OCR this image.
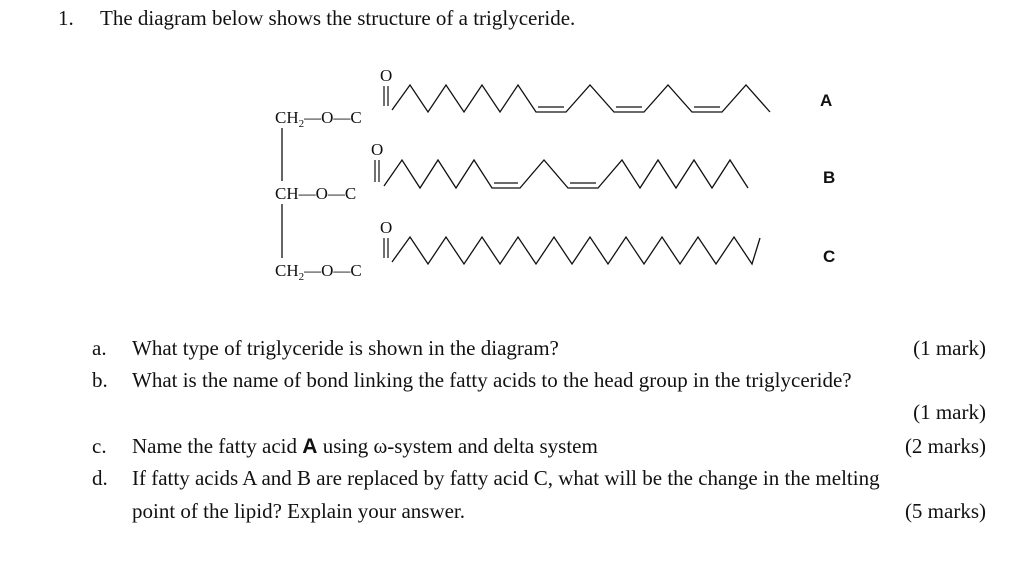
1. The diagram below shows the structure of a triglyceride.
$CH_2—O—C$
O
A
CH—O—C
O
B
$CH_2—O—C$
O
C
a. What type of triglyceride is shown in the diagram?	(1 mark)
b. What is the name of bond linking the fatty acids to the head group in the triglyceride?
(1 mark)
c. Name the fatty acid A using ω-system and delta system	(2 marks)
d. If fatty acids A and B are replaced by fatty acid C, what will be the change in the melting
point of the lipid? Explain your answer.	(5 marks)
